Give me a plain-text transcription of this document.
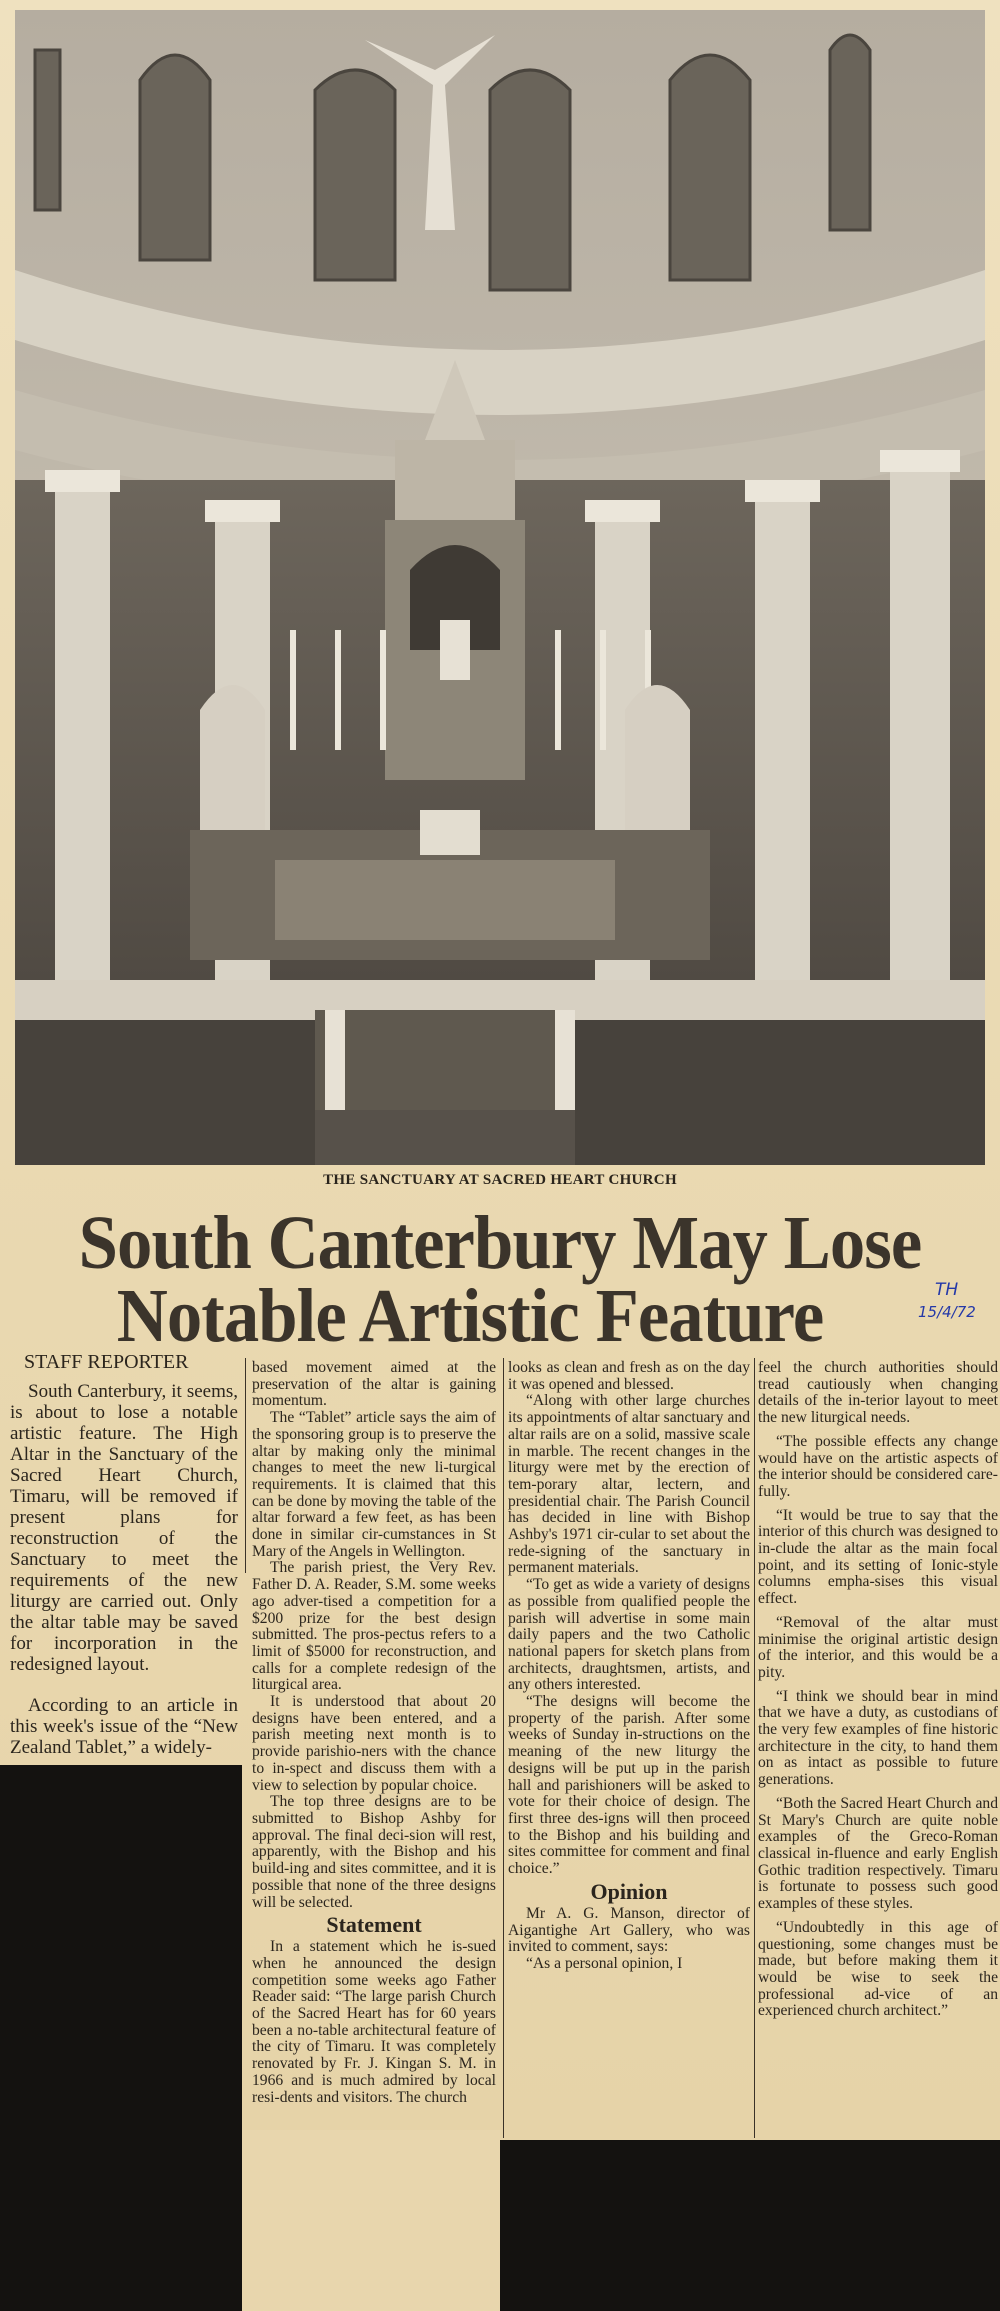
THE SANCTUARY AT SACRED HEART CHURCH
South Canterbury May Lose
Notable Artistic Feature	TH
15/4/72

STAFF REPORTER

South Canterbury, it seems, is about to lose a notable artistic feature. The High Altar in the Sanctuary of the Sacred Heart Church, Timaru, will be removed if present plans for reconstruction of the Sanctuary to meet the requirements of the new liturgy are carried out. Only the altar table may be saved for incorporation in the redesigned layout.

According to an article in this week's issue of the “New Zealand Tablet,” a widely-

based movement aimed at the preservation of the altar is gaining momentum.

The “Tablet” article says the aim of the sponsoring group is to preserve the altar by making only the minimal changes to meet the new li-turgical requirements. It is claimed that this can be done by moving the table of the altar forward a few feet, as has been done in similar cir-cumstances in St Mary of the Angels in Wellington.

The parish priest, the Very Rev. Father D. A. Reader, S.M. some weeks ago adver-tised a competition for a $200 prize for the best design submitted. The pros-pectus refers to a limit of $5000 for reconstruction, and calls for a complete redesign of the liturgical area.

It is understood that about 20 designs have been entered, and a parish meeting next month is to provide parishio-ners with the chance to in-spect and discuss them with a view to selection by popular choice.

The top three designs are to be submitted to Bishop Ashby for approval. The final deci-sion will rest, apparently, with the Bishop and his build-ing and sites committee, and it is possible that none of the three designs will be selected.

Statement

In a statement which he is-sued when he announced the design competition some weeks ago Father Reader said: “The large parish Church of the Sacred Heart has for 60 years been a no-table architectural feature of the city of Timaru. It was completely renovated by Fr. J. Kingan S. M. in 1966 and is much admired by local resi-dents and visitors. The church

looks as clean and fresh as on the day it was opened and blessed.

“Along with other large churches its appointments of altar sanctuary and altar rails are on a solid, massive scale in marble. The recent changes in the liturgy were met by the erection of tem-porary altar, lectern, and presidential chair. The Parish Council has decided in line with Bishop Ashby's 1971 cir-cular to set about the rede-signing of the sanctuary in permanent materials.

“To get as wide a variety of designs as possible from qualified people the parish will advertise in some main daily papers and the two Catholic national papers for sketch plans from architects, draughtsmen, artists, and any others interested.

“The designs will become the property of the parish. After some weeks of Sunday in-structions on the meaning of the new liturgy the designs will be put up in the parish hall and parishioners will be asked to vote for their choice of design. The first three des-igns will then proceed to the Bishop and his building and sites committee for comment and final choice.”

Opinion

Mr A. G. Manson, director of Aigantighe Art Gallery, who was invited to comment, says:

“As a personal opinion, I

feel the church authorities should tread cautiously when changing details of the in-terior layout to meet the new liturgical needs.

“The possible effects any change would have on the artistic aspects of the interior should be considered care-fully.

“It would be true to say that the interior of this church was designed to in-clude the altar as the main focal point, and its setting of Ionic-style columns empha-sises this visual effect.

“Removal of the altar must minimise the original artistic design of the interior, and this would be a pity.

“I think we should bear in mind that we have a duty, as custodians of the very few examples of fine historic architecture in the city, to hand them on as intact as possible to future generations.

“Both the Sacred Heart Church and St Mary's Church are quite noble examples of the Greco-Roman classical in-fluence and early English Gothic tradition respectively. Timaru is fortunate to possess such good examples of these styles.

“Undoubtedly in this age of questioning, some changes must be made, but before making them it would be wise to seek the professional ad-vice of an experienced church architect.”
